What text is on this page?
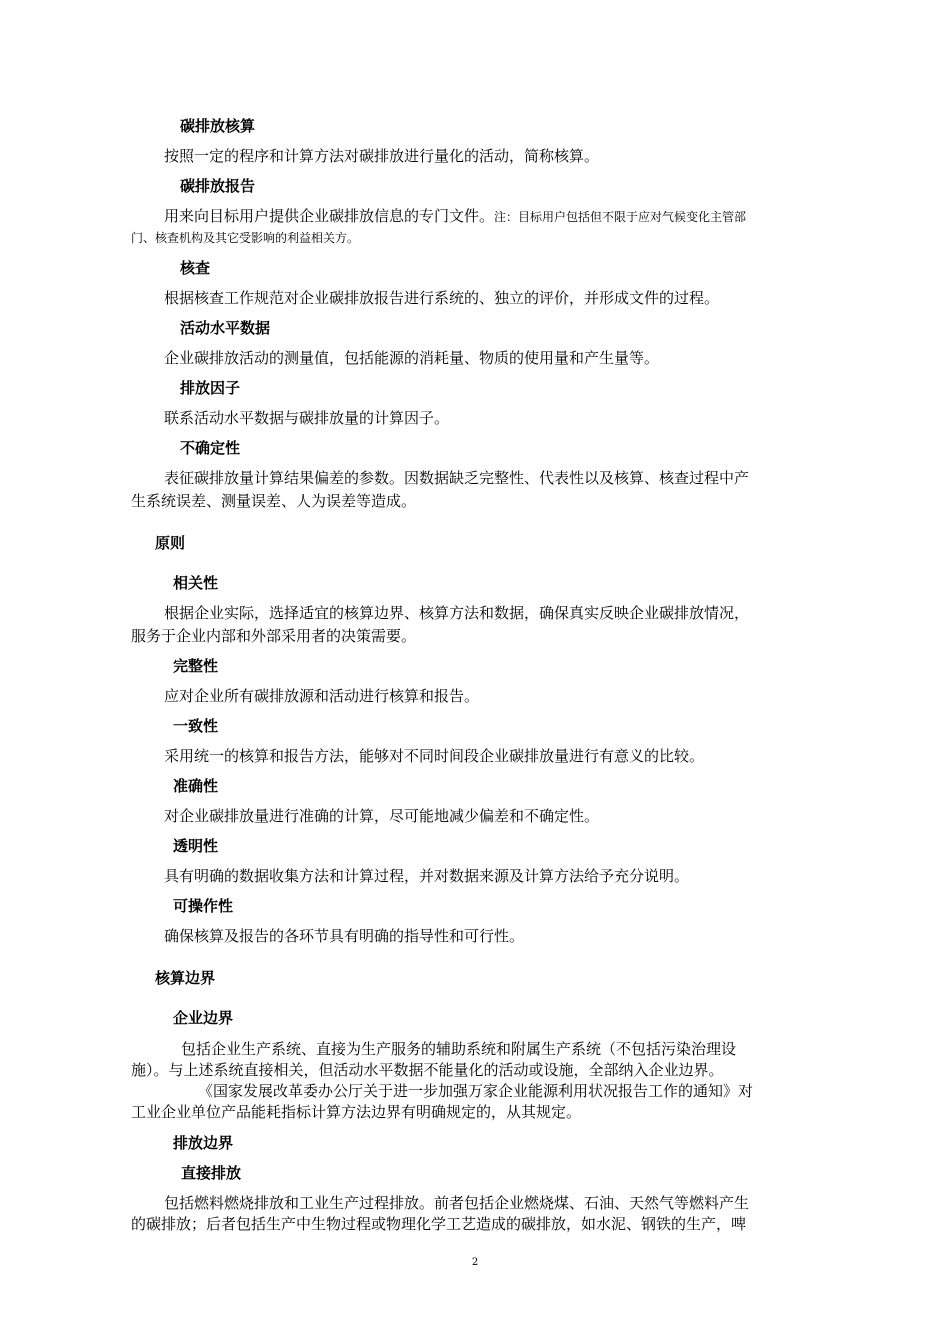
碳排放核算
按照一定的程序和计算方法对碳排放进行量化的活动，简称核算。
碳排放报告
用来向目标用户提供企业碳排放信息的专门文件。注：目标用户包括但不限于应对气候变化主管部
门、核查机构及其它受影响的利益相关方。
核查
根据核查工作规范对企业碳排放报告进行系统的、独立的评价，并形成文件的过程。
活动水平数据
企业碳排放活动的测量值，包括能源的消耗量、物质的使用量和产生量等。
排放因子
联系活动水平数据与碳排放量的计算因子。
不确定性
表征碳排放量计算结果偏差的参数。因数据缺乏完整性、代表性以及核算、核查过程中产
生系统误差、测量误差、人为误差等造成。
原则
相关性
根据企业实际，选择适宜的核算边界、核算方法和数据，确保真实反映企业碳排放情况，
服务于企业内部和外部采用者的决策需要。
完整性
应对企业所有碳排放源和活动进行核算和报告。
一致性
采用统一的核算和报告方法，能够对不同时间段企业碳排放量进行有意义的比较。
准确性
对企业碳排放量进行准确的计算，尽可能地减少偏差和不确定性。
透明性
具有明确的数据收集方法和计算过程，并对数据来源及计算方法给予充分说明。
可操作性
确保核算及报告的各环节具有明确的指导性和可行性。
核算边界
企业边界
包括企业生产系统、直接为生产服务的辅助系统和附属生产系统（不包括污染治理设
施）。与上述系统直接相关，但活动水平数据不能量化的活动或设施，全部纳入企业边界。
《国家发展改革委办公厅关于进一步加强万家企业能源利用状况报告工作的通知》对
工业企业单位产品能耗指标计算方法边界有明确规定的，从其规定。
排放边界
直接排放
包括燃料燃烧排放和工业生产过程排放。前者包括企业燃烧煤、石油、天然气等燃料产生
的碳排放；后者包括生产中生物过程或物理化学工艺造成的碳排放，如水泥、钢铁的生产，啤
2
